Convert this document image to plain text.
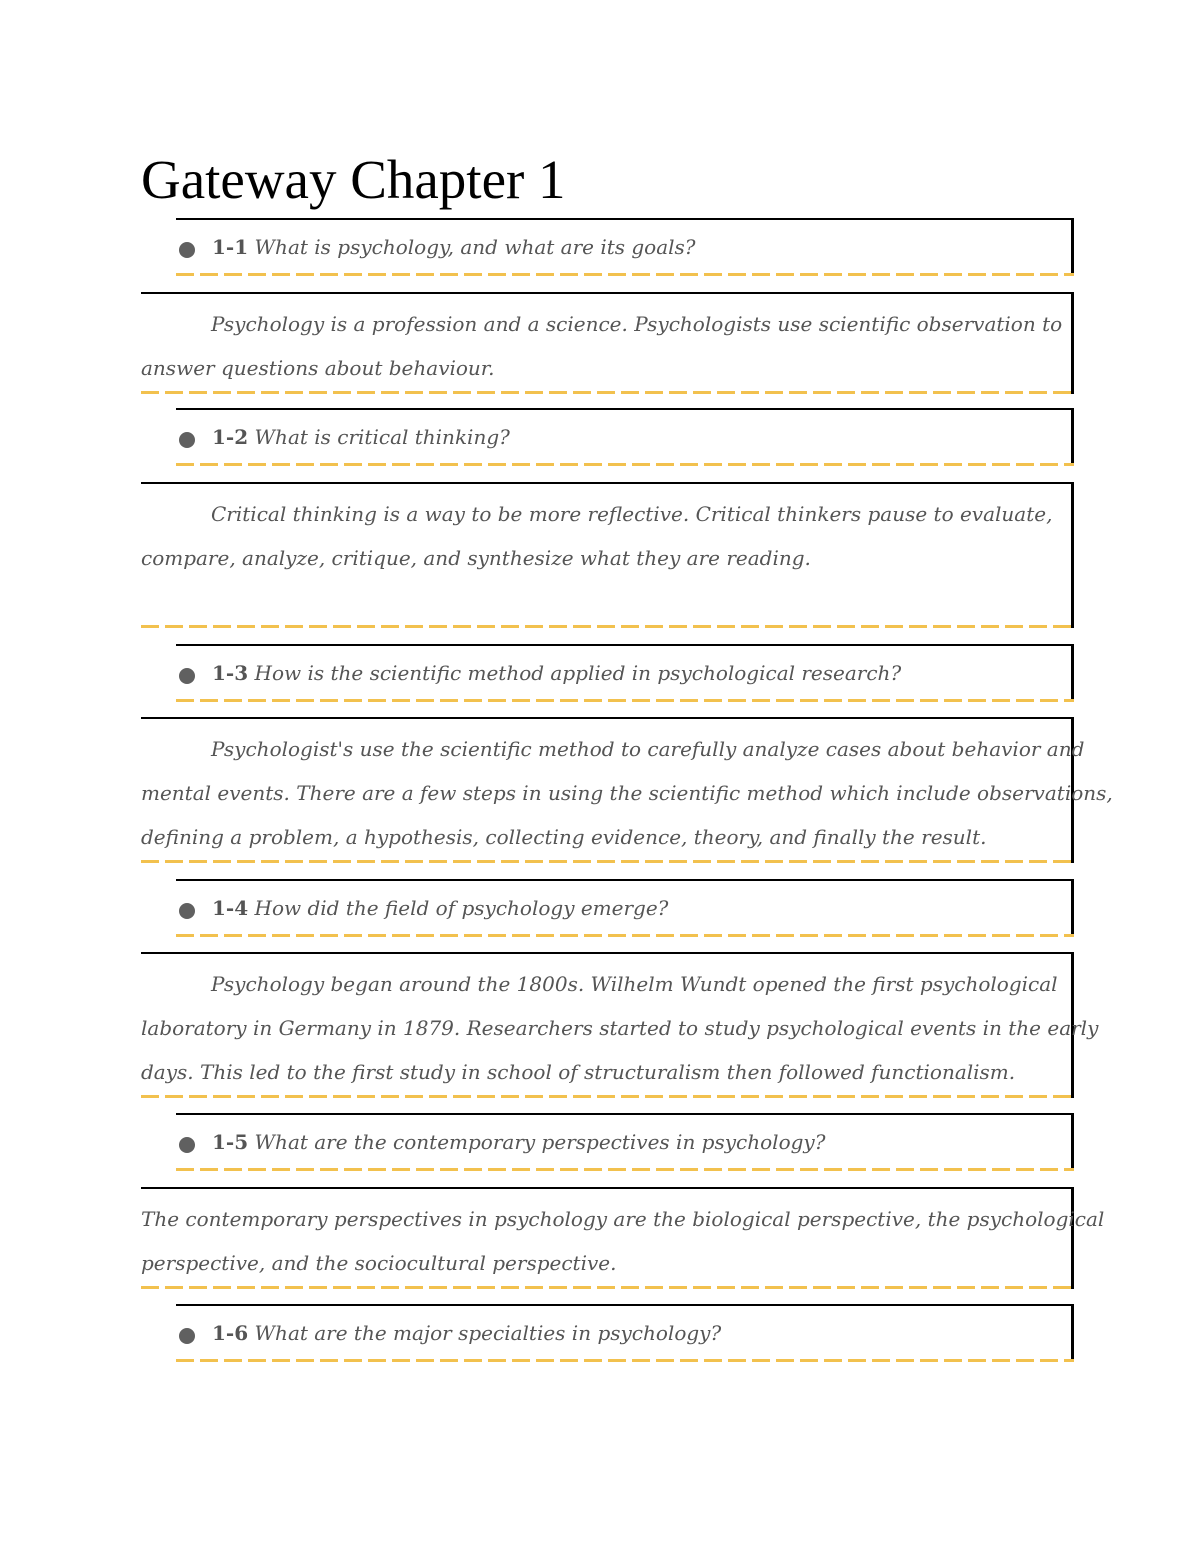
Gateway Chapter 1
1-1 What is psychology, and what are its goals?
Psychology is a profession and a science. Psychologists use scientific observation to
answer questions about behaviour.
1-2 What is critical thinking?
Critical thinking is a way to be more reflective. Critical thinkers pause to evaluate,
compare, analyze, critique, and synthesize what they are reading.
1-3 How is the scientific method applied in psychological research?
Psychologist's use the scientific method to carefully analyze cases about behavior and
mental events. There are a few steps in using the scientific method which include observations,
defining a problem, a hypothesis, collecting evidence, theory, and finally the result.
1-4 How did the field of psychology emerge?
Psychology began around the 1800s. Wilhelm Wundt opened the first psychological
laboratory in Germany in 1879. Researchers started to study psychological events in the early
days. This led to the first study in school of structuralism then followed functionalism.
1-5 What are the contemporary perspectives in psychology?
The contemporary perspectives in psychology are the biological perspective, the psychological
perspective, and the sociocultural perspective.
1-6 What are the major specialties in psychology?
